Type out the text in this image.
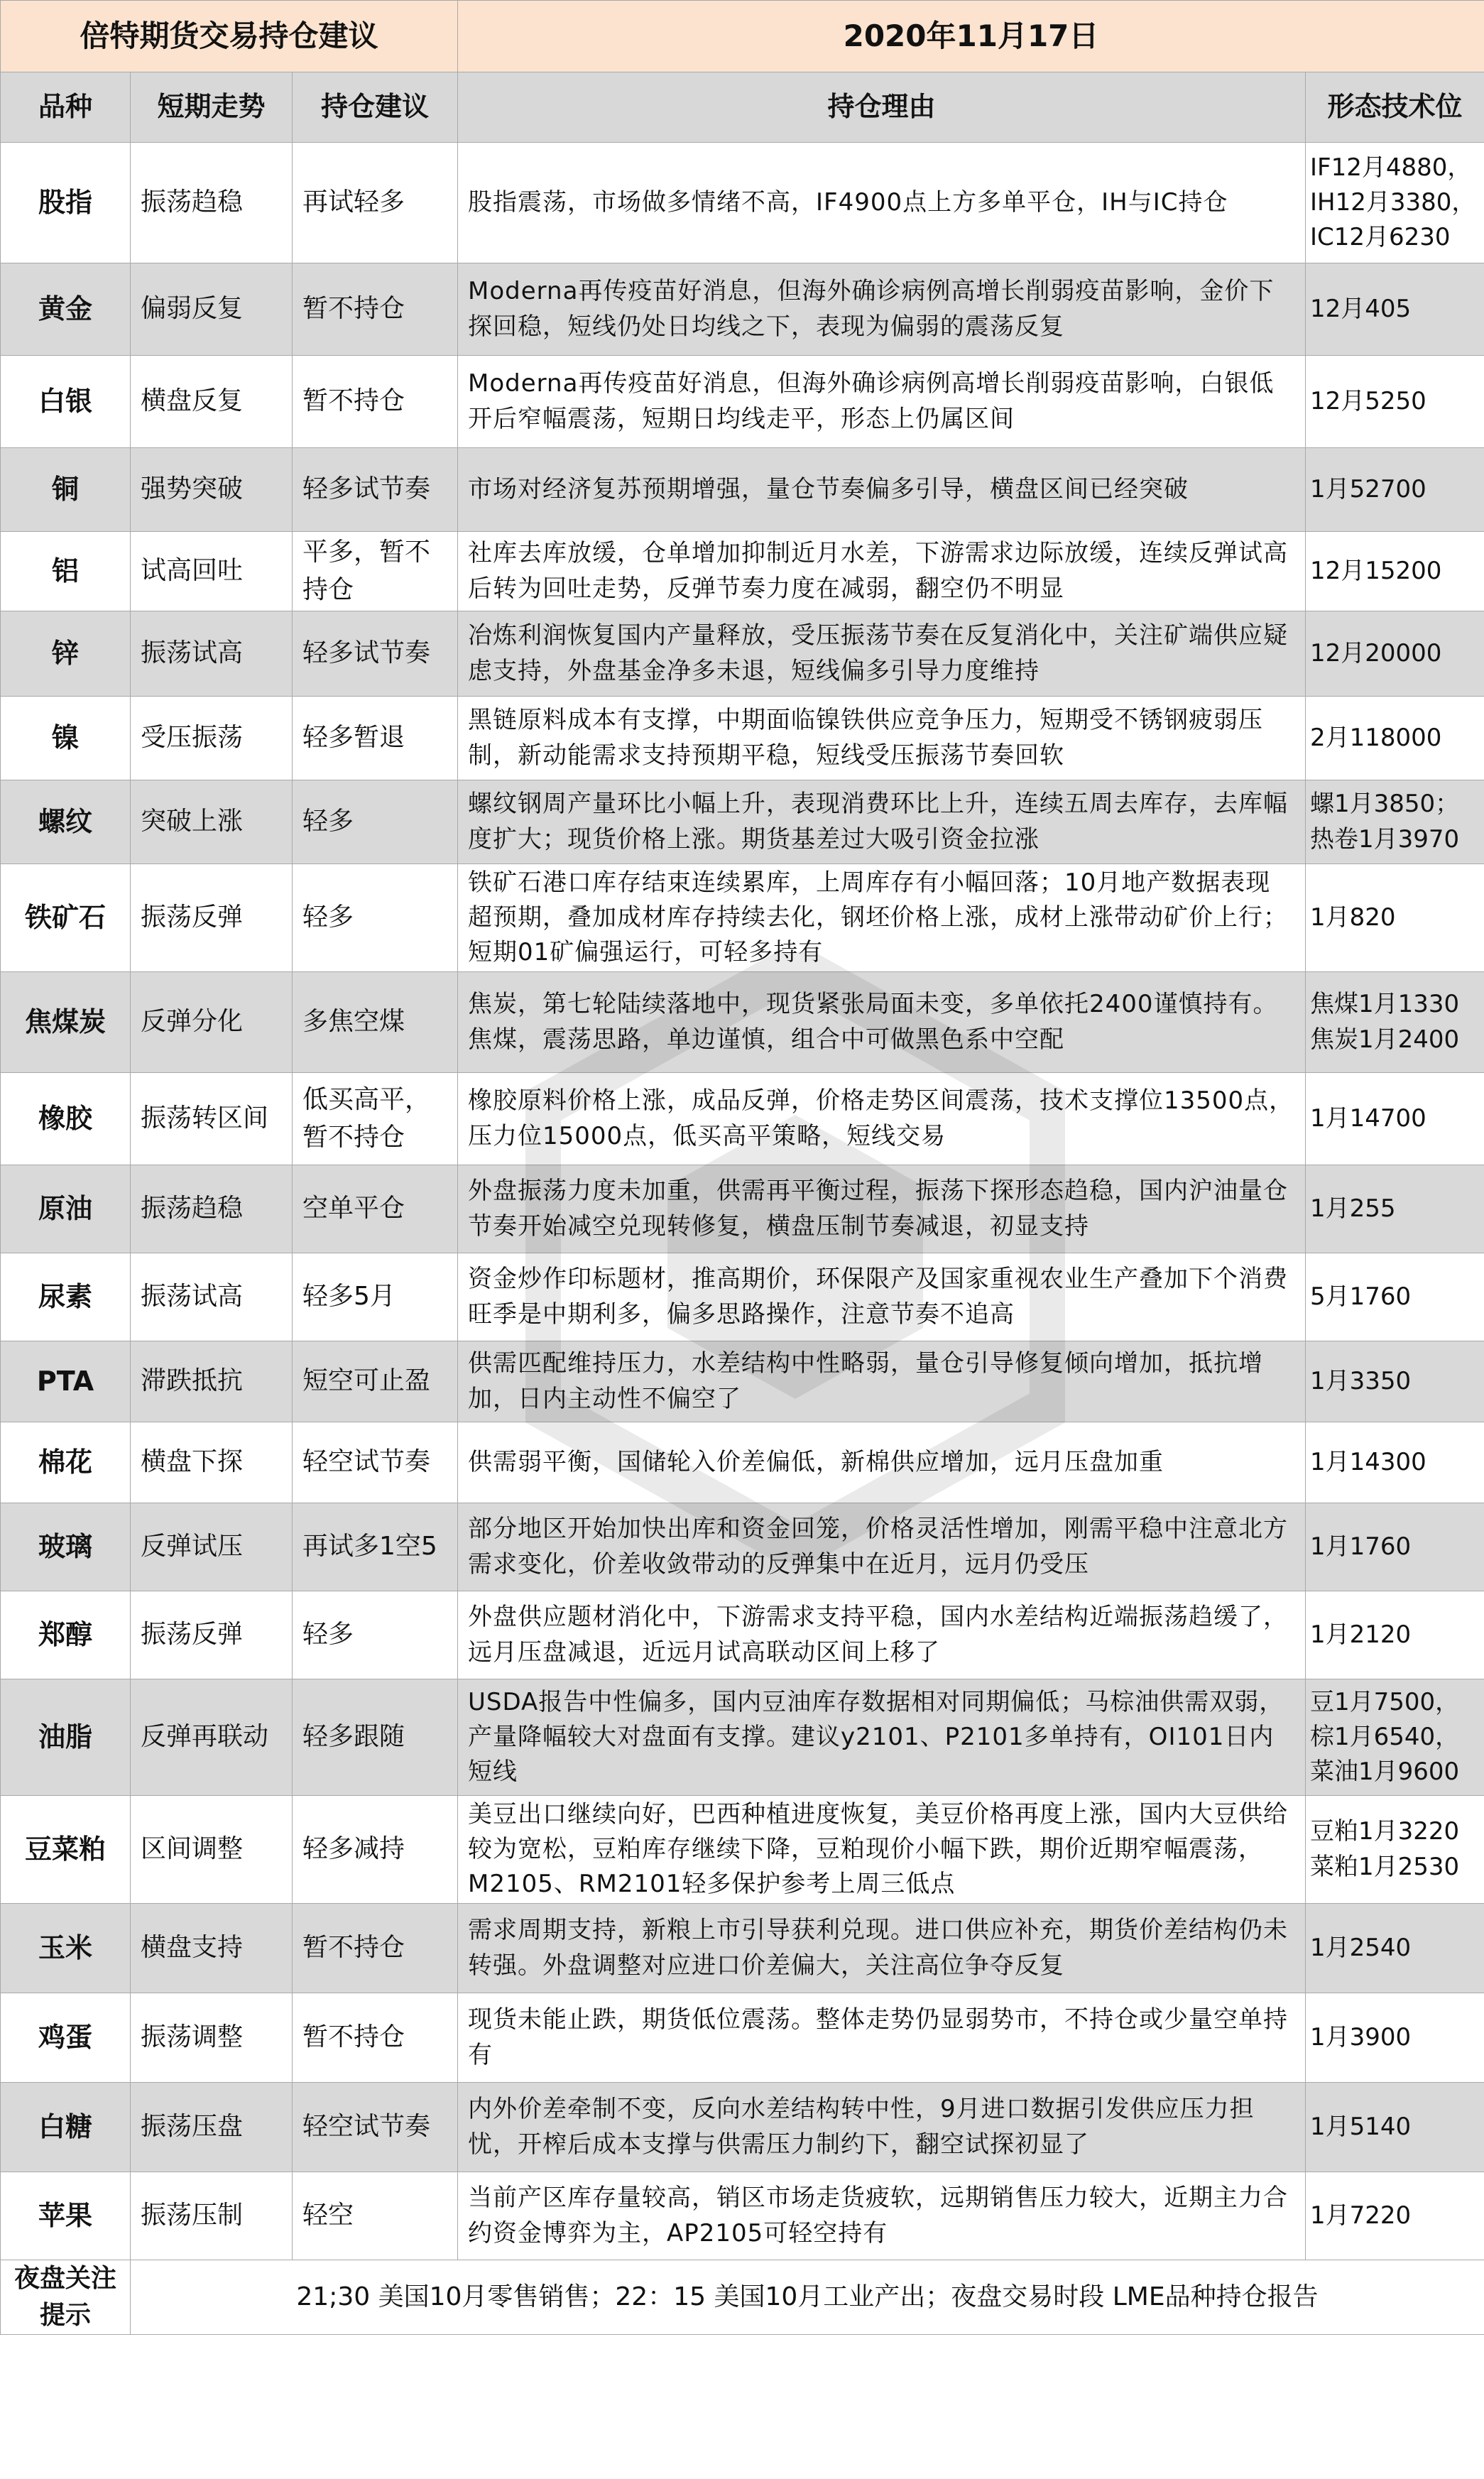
倍特期货交易持仓建议			2020年11月17日	
品种	短期走势	持仓建议	持仓理由	形态技术位
股指	振荡趋稳	再试轻多	股指震荡，市场做多情绪不高，IF4900点上方多单平仓，IH与IC持仓	IF12月4880，
IH12月3380，
IC12月6230

黄金	偏弱反复	暂不持仓	Moderna再传疫苗好消息，但海外确诊病例高增长削弱疫苗影响，金价下探回稳，短线仍处日均线之下，表现为偏弱的震荡反复	12月405

白银	横盘反复	暂不持仓	Moderna再传疫苗好消息，但海外确诊病例高增长削弱疫苗影响，白银低开后窄幅震荡，短期日均线走平，形态上仍属区间	12月5250

铜	强势突破	轻多试节奏	市场对经济复苏预期增强，量仓节奏偏多引导，横盘区间已经突破	1月52700

铝	试高回吐	平多，暂不持仓	社库去库放缓，仓单增加抑制近月水差，下游需求边际放缓，连续反弹试高后转为回吐走势，反弹节奏力度在减弱，翻空仍不明显	12月15200

锌	振荡试高	轻多试节奏	冶炼利润恢复国内产量释放，受压振荡节奏在反复消化中，关注矿端供应疑虑支持，外盘基金净多未退，短线偏多引导力度维持	12月20000

镍	受压振荡	轻多暂退	黑链原料成本有支撑，中期面临镍铁供应竞争压力，短期受不锈钢疲弱压制，新动能需求支持预期平稳，短线受压振荡节奏回软	2月118000

螺纹	突破上涨	轻多	螺纹钢周产量环比小幅上升，表现消费环比上升，连续五周去库存，去库幅度扩大；现货价格上涨。期货基差过大吸引资金拉涨	螺1月3850；
热卷1月3970

铁矿石	振荡反弹	轻多	铁矿石港口库存结束连续累库，上周库存有小幅回落；10月地产数据表现超预期，叠加成材库存持续去化，钢坯价格上涨，成材上涨带动矿价上行；短期01矿偏强运行，可轻多持有	1月820

焦煤炭	反弹分化	多焦空煤	焦炭，第七轮陆续落地中，现货紧张局面未变，多单依托2400谨慎持有。焦煤，震荡思路，单边谨慎，组合中可做黑色系中空配	焦煤1月1330
焦炭1月2400

橡胶	振荡转区间	低买高平，暂不持仓	橡胶原料价格上涨，成品反弹，价格走势区间震荡，技术支撑位13500点，压力位15000点，低买高平策略，短线交易	1月14700

原油	振荡趋稳	空单平仓	外盘振荡力度未加重，供需再平衡过程，振荡下探形态趋稳，国内沪油量仓节奏开始减空兑现转修复，横盘压制节奏减退，初显支持	1月255

尿素	振荡试高	轻多5月	资金炒作印标题材，推高期价，环保限产及国家重视农业生产叠加下个消费旺季是中期利多，偏多思路操作，注意节奏不追高	5月1760

PTA	滞跌抵抗	短空可止盈	供需匹配维持压力，水差结构中性略弱，量仓引导修复倾向增加，抵抗增加，日内主动性不偏空了	1月3350

棉花	横盘下探	轻空试节奏	供需弱平衡，国储轮入价差偏低，新棉供应增加，远月压盘加重	1月14300

玻璃	反弹试压	再试多1空5	部分地区开始加快出库和资金回笼，价格灵活性增加，刚需平稳中注意北方需求变化，价差收敛带动的反弹集中在近月，远月仍受压	1月1760

郑醇	振荡反弹	轻多	外盘供应题材消化中，下游需求支持平稳，国内水差结构近端振荡趋缓了，远月压盘减退，近远月试高联动区间上移了	1月2120

油脂	反弹再联动	轻多跟随	USDA报告中性偏多，国内豆油库存数据相对同期偏低；马棕油供需双弱，产量降幅较大对盘面有支撑。建议y2101、P2101多单持有，OI101日内短线	豆1月7500，
棕1月6540，
菜油1月9600

豆菜粕	区间调整	轻多减持	美豆出口继续向好，巴西种植进度恢复，美豆价格再度上涨，国内大豆供给较为宽松，豆粕库存继续下降，豆粕现价小幅下跌，期价近期窄幅震荡，M2105、RM2101轻多保护参考上周三低点	豆粕1月3220
菜粕1月2530

玉米	横盘支持	暂不持仓	需求周期支持，新粮上市引导获利兑现。进口供应补充，期货价差结构仍未转强。外盘调整对应进口价差偏大，关注高位争夺反复	1月2540

鸡蛋	振荡调整	暂不持仓	现货未能止跌，期货低位震荡。整体走势仍显弱势市，不持仓或少量空单持有	1月3900

白糖	振荡压盘	轻空试节奏	内外价差牵制不变，反向水差结构转中性，9月进口数据引发供应压力担忧，开榨后成本支撑与供需压力制约下，翻空试探初显了	1月5140

苹果	振荡压制	轻空	当前产区库存量较高，销区市场走货疲软，远期销售压力较大，近期主力合约资金博弈为主，AP2105可轻空持有	1月7220

夜盘关注提示	21;30 美国10月零售销售；22：15 美国10月工业产出；夜盘交易时段 LME品种持仓报告			
